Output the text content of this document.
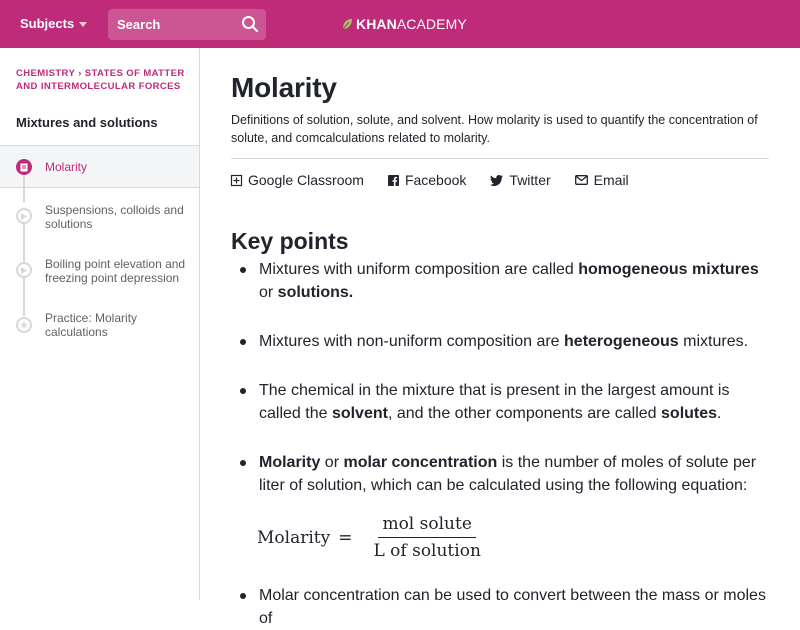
Subjects
Search	KHAN ACADEMY
CHEMISTRY › STATES OF MATTER AND INTERMOLECULAR FORCES
Mixtures and solutions
Molarity
Suspensions, colloids and solutions
Boiling point elevation and freezing point depression
Practice: Molarity calculations
Molarity

Definitions of solution, solute, and solvent. How molarity is used to quantify the concentration of solute, and comcalculations related to molarity.

Google Classroom	Facebook	Twitter	Email
Key points
Mixtures with uniform composition are called homogeneous mixtures or solutions.
Mixtures with non-uniform composition are heterogeneous mixtures.
The chemical in the mixture that is present in the largest amount is called the solvent, and the other components are called solutes.
Molarity or molar concentration is the number of moles of solute per liter of solution, which can be calculated using the following equation:
Molarity = $\frac{\text{mol solute}}{\text{L of solution}}$
Molar concentration can be used to convert between the mass or moles of
